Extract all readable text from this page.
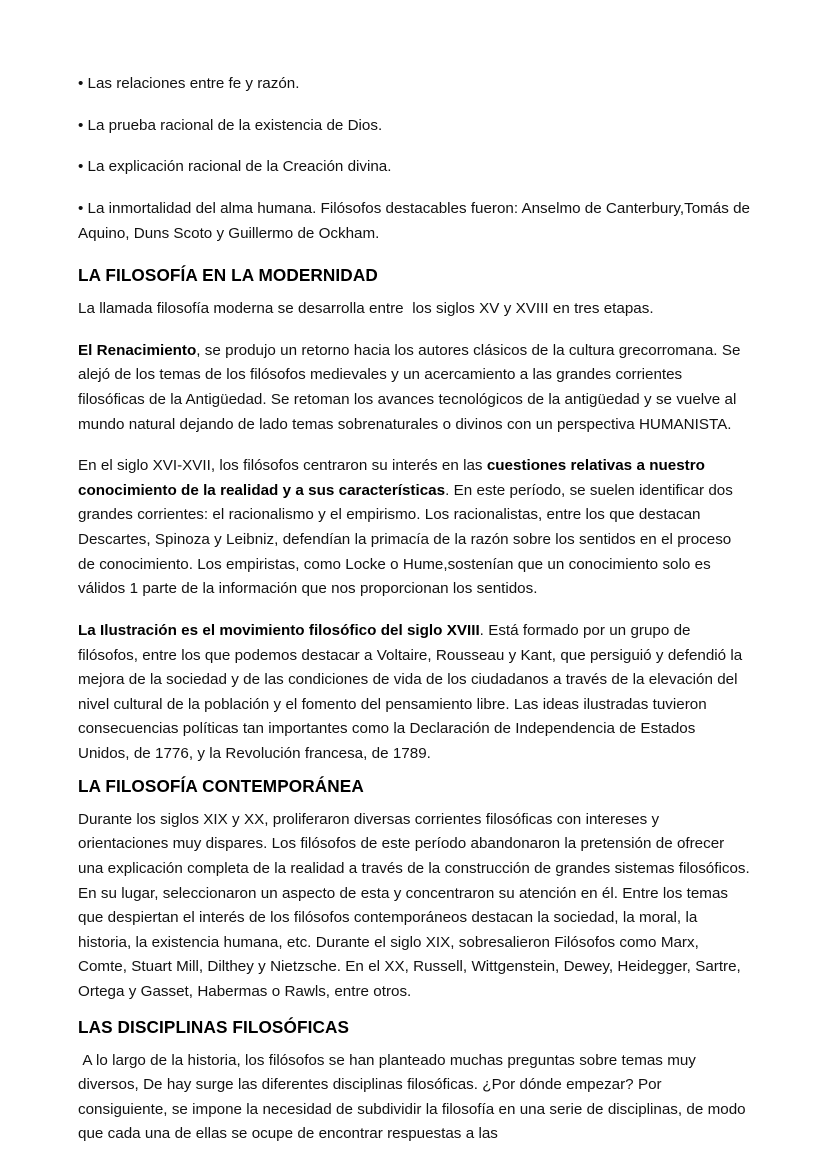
• Las relaciones entre fe y razón.

• La prueba racional de la existencia de Dios.

• La explicación racional de la Creación divina.

• La inmortalidad del alma humana. Filósofos destacables fueron: Anselmo de Canterbury,Tomás de Aquino, Duns Scoto y Guillermo de Ockham.

LA FILOSOFÍA EN LA MODERNIDAD

La llamada filosofía moderna se desarrolla entre  los siglos XV y XVIII en tres etapas.

El Renacimiento, se produjo un retorno hacia los autores clásicos de la cultura grecorromana. Se alejó de los temas de los filósofos medievales y un acercamiento a las grandes corrientes filosóficas de la Antigüedad. Se retoman los avances tecnológicos de la antigüedad y se vuelve al mundo natural dejando de lado temas sobrenaturales o divinos con un perspectiva HUMANISTA.

En el siglo XVI-XVII, los filósofos centraron su interés en las cuestiones relativas a nuestro conocimiento de la realidad y a sus características. En este período, se suelen identificar dos grandes corrientes: el racionalismo y el empirismo. Los racionalistas, entre los que destacan Descartes, Spinoza y Leibniz, defendían la primacía de la razón sobre los sentidos en el proceso de conocimiento. Los empiristas, como Locke o Hume,sostenían que un conocimiento solo es válidos 1 parte de la información que nos proporcionan los sentidos.

La Ilustración es el movimiento filosófico del siglo XVIII. Está formado por un grupo de filósofos, entre los que podemos destacar a Voltaire, Rousseau y Kant, que persiguió y defendió la mejora de la sociedad y de las condiciones de vida de los ciudadanos a través de la elevación del nivel cultural de la población y el fomento del pensamiento libre. Las ideas ilustradas tuvieron consecuencias políticas tan importantes como la Declaración de Independencia de Estados Unidos, de 1776, y la Revolución francesa, de 1789.

LA FILOSOFÍA CONTEMPORÁNEA

Durante los siglos XIX y XX, proliferaron diversas corrientes filosóficas con intereses y orientaciones muy dispares. Los filósofos de este período abandonaron la pretensión de ofrecer una explicación completa de la realidad a través de la construcción de grandes sistemas filosóficos. En su lugar, seleccionaron un aspecto de esta y concentraron su atención en él. Entre los temas que despiertan el interés de los filósofos contemporáneos destacan la sociedad, la moral, la historia, la existencia humana, etc. Durante el siglo XIX, sobresalieron Filósofos como Marx, Comte, Stuart Mill, Dilthey y Nietzsche. En el XX, Russell, Wittgenstein, Dewey, Heidegger, Sartre, Ortega y Gasset, Habermas o Rawls, entre otros.

LAS DISCIPLINAS FILOSÓFICAS

A lo largo de la historia, los filósofos se han planteado muchas preguntas sobre temas muy diversos, De hay surge las diferentes disciplinas filosóficas. ¿Por dónde empezar? Por consiguiente, se impone la necesidad de subdividir la filosofía en una serie de disciplinas, de modo que cada una de ellas se ocupe de encontrar respuestas a las
